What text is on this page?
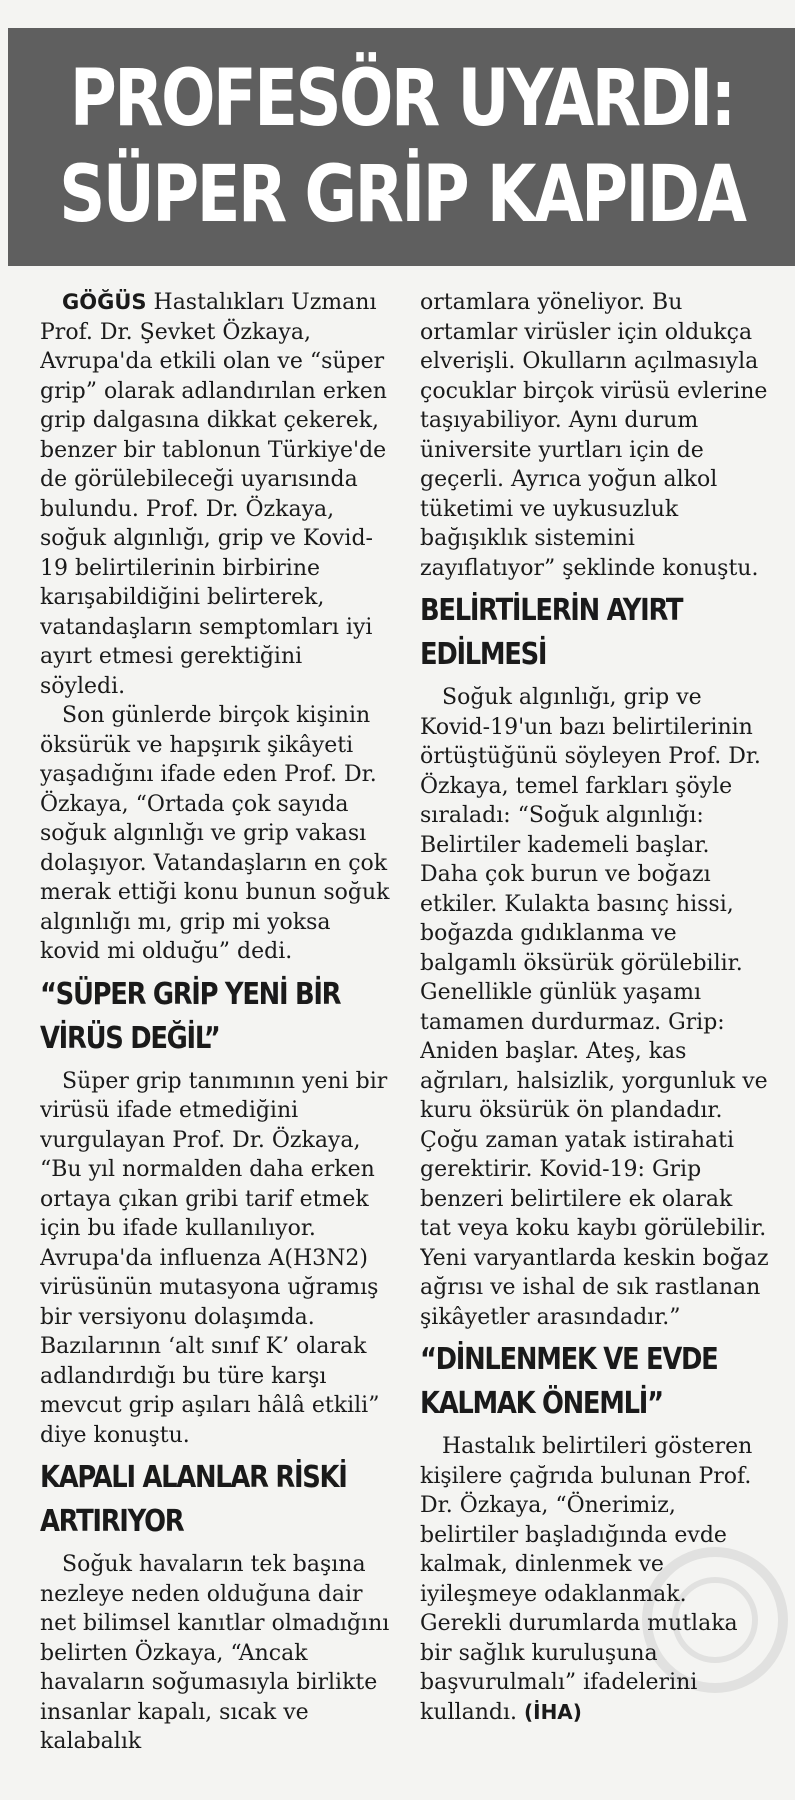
PROFESÖR UYARDI:
SÜPER GRİP KAPIDA

GÖĞÜS Hastalıkları Uzmanı Prof. Dr. Şevket Özkaya, Avrupa'da etkili olan ve “süper grip” olarak adlandırılan erken grip dalgasına dikkat çekerek, benzer bir tablonun Türkiye'de de görülebileceği uyarısında bulundu. Prof. Dr. Özkaya, soğuk algınlığı, grip ve Kovid-19 belirtilerinin birbirine karışabildiğini belirterek, vatandaşların semptomları iyi ayırt etmesi gerektiğini söyledi.

Son günlerde birçok kişinin öksürük ve hapşırık şikâyeti yaşadığını ifade eden Prof. Dr. Özkaya, “Ortada çok sayıda soğuk algınlığı ve grip vakası dolaşıyor. Vatandaşların en çok merak ettiği konu bunun soğuk algınlığı mı, grip mi yoksa kovid mi olduğu” dedi.

“SÜPER GRİP YENİ BİR VİRÜS DEĞİL”

Süper grip tanımının yeni bir virüsü ifade etmediğini vurgulayan Prof. Dr. Özkaya, “Bu yıl normalden daha erken ortaya çıkan gribi tarif etmek için bu ifade kullanılıyor. Avrupa'da influenza A(H3N2) virüsünün mutasyona uğramış bir versiyonu dolaşımda. Bazılarının ‘alt sınıf K’ olarak adlandırdığı bu türe karşı mevcut grip aşıları hâlâ etkili” diye konuştu.

KAPALI ALANLAR RİSKİ ARTIRIYOR

Soğuk havaların tek başına nezleye neden olduğuna dair net bilimsel kanıtlar olmadığını belirten Özkaya, “Ancak havaların soğumasıyla birlikte insanlar kapalı, sıcak ve kalabalık

ortamlara yöneliyor. Bu ortamlar virüsler için oldukça elverişli. Okulların açılmasıyla çocuklar birçok virüsü evlerine taşıyabiliyor. Aynı durum üniversite yurtları için de geçerli. Ayrıca yoğun alkol tüketimi ve uykusuzluk bağışıklık sistemini zayıflatıyor” şeklinde konuştu.

BELİRTİLERİN AYIRT EDİLMESİ

Soğuk algınlığı, grip ve Kovid-19'un bazı belirtilerinin örtüştüğünü söyleyen Prof. Dr. Özkaya, temel farkları şöyle sıraladı: “Soğuk algınlığı: Belirtiler kademeli başlar. Daha çok burun ve boğazı etkiler. Kulakta basınç hissi, boğazda gıdıklanma ve balgamlı öksürük görülebilir. Genellikle günlük yaşamı tamamen durdurmaz. Grip: Aniden başlar. Ateş, kas ağrıları, halsizlik, yorgunluk ve kuru öksürük ön plandadır. Çoğu zaman yatak istirahati gerektirir. Kovid-19: Grip benzeri belirtilere ek olarak tat veya koku kaybı görülebilir. Yeni varyantlarda keskin boğaz ağrısı ve ishal de sık rastlanan şikâyetler arasındadır.”

“DİNLENMEK VE EVDE KALMAK ÖNEMLİ”

Hastalık belirtileri gösteren kişilere çağrıda bulunan Prof. Dr. Özkaya, “Önerimiz, belirtiler başladığında evde kalmak, dinlenmek ve iyileşmeye odaklanmak. Gerekli durumlarda mutlaka bir sağlık kuruluşuna başvurulmalı” ifadelerini kullandı. (İHA)
